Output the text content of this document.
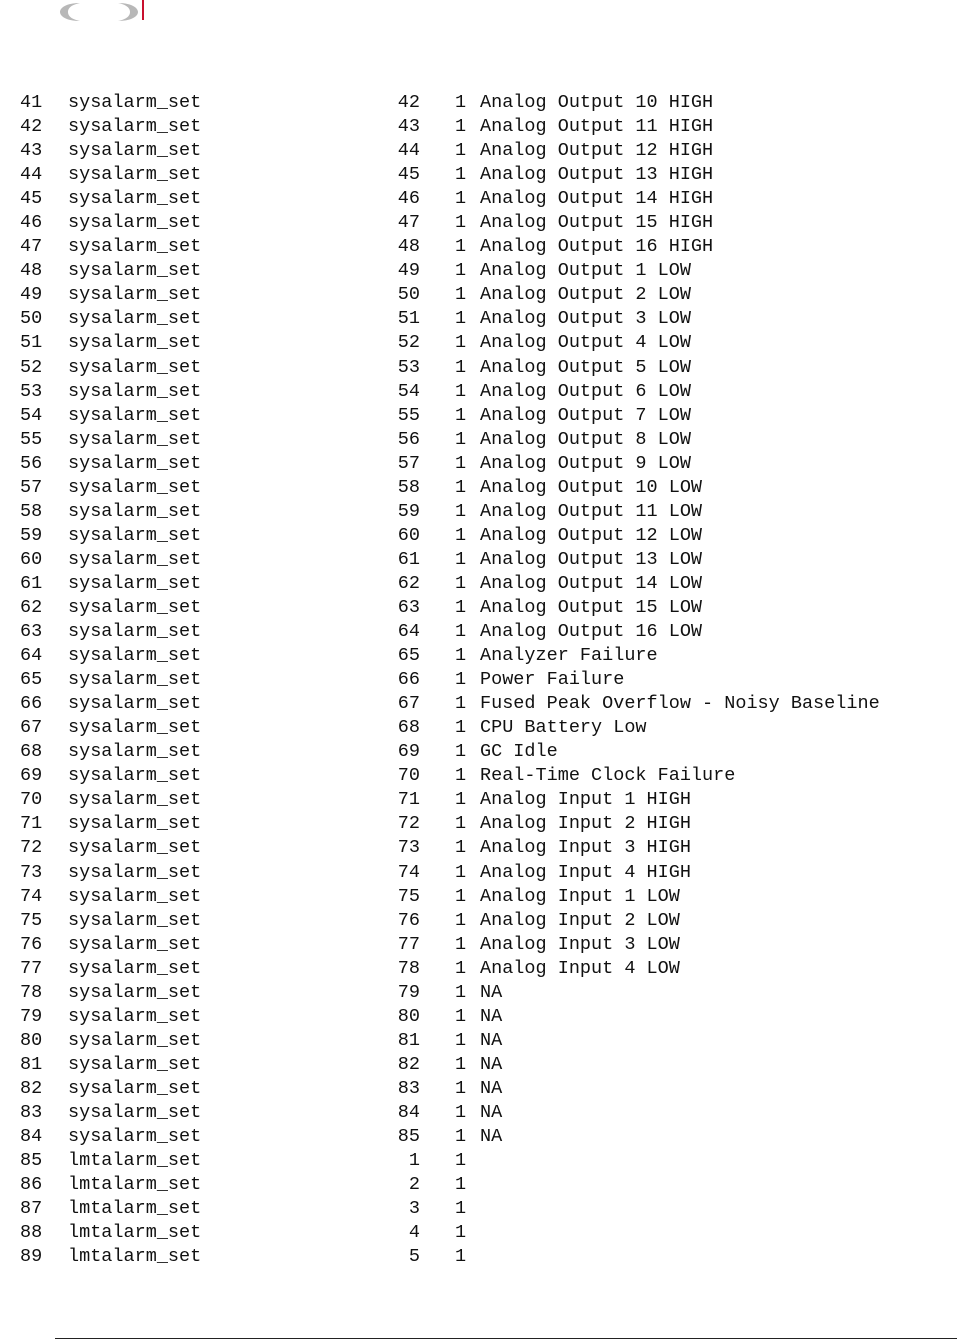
41	sysalarm_set	42 1 Analog Output 10 HIGH
42	sysalarm_set	43 1 Analog Output 11 HIGH
43	sysalarm_set	44 1 Analog Output 12 HIGH
44	sysalarm_set	45 1 Analog Output 13 HIGH
45	sysalarm_set	46 1 Analog Output 14 HIGH
46	sysalarm_set	47 1 Analog Output 15 HIGH
47	sysalarm_set	48 1 Analog Output 16 HIGH
48	sysalarm_set	49 1 Analog Output 1 LOW
49	sysalarm_set	50 1 Analog Output 2 LOW
50	sysalarm_set	51 1 Analog Output 3 LOW
51	sysalarm_set	52 1 Analog Output 4 LOW
52	sysalarm_set	53 1 Analog Output 5 LOW
53	sysalarm_set	54 1 Analog Output 6 LOW
54	sysalarm_set	55 1 Analog Output 7 LOW
55	sysalarm_set	56 1 Analog Output 8 LOW
56	sysalarm_set	57 1 Analog Output 9 LOW
57	sysalarm_set	58 1 Analog Output 10 LOW
58	sysalarm_set	59 1 Analog Output 11 LOW
59	sysalarm_set	60 1 Analog Output 12 LOW
60	sysalarm_set	61 1 Analog Output 13 LOW
61	sysalarm_set	62 1 Analog Output 14 LOW
62	sysalarm_set	63 1 Analog Output 15 LOW
63	sysalarm_set	64 1 Analog Output 16 LOW
64	sysalarm_set	65 1 Analyzer Failure
65	sysalarm_set	66 1 Power Failure
66	sysalarm_set	67 1 Fused Peak Overflow - Noisy Baseline
67	sysalarm_set	68 1 CPU Battery Low
68	sysalarm_set	69 1 GC Idle
69	sysalarm_set	70 1 Real-Time Clock Failure
70	sysalarm_set	71 1 Analog Input 1 HIGH
71	sysalarm_set	72 1 Analog Input 2 HIGH
72	sysalarm_set	73 1 Analog Input 3 HIGH
73	sysalarm_set	74 1 Analog Input 4 HIGH
74	sysalarm_set	75 1 Analog Input 1 LOW
75	sysalarm_set	76 1 Analog Input 2 LOW
76	sysalarm_set	77 1 Analog Input 3 LOW
77	sysalarm_set	78 1 Analog Input 4 LOW
78	sysalarm_set	79 1 NA
79	sysalarm_set	80 1 NA
80	sysalarm_set	81 1 NA
81	sysalarm_set	82 1 NA
82	sysalarm_set	83 1 NA
83	sysalarm_set	84 1 NA
84	sysalarm_set	85 1 NA
85	lmtalarm_set	1 1
86	lmtalarm_set	2 1
87	lmtalarm_set	3 1
88	lmtalarm_set	4 1
89	lmtalarm_set	5 1
